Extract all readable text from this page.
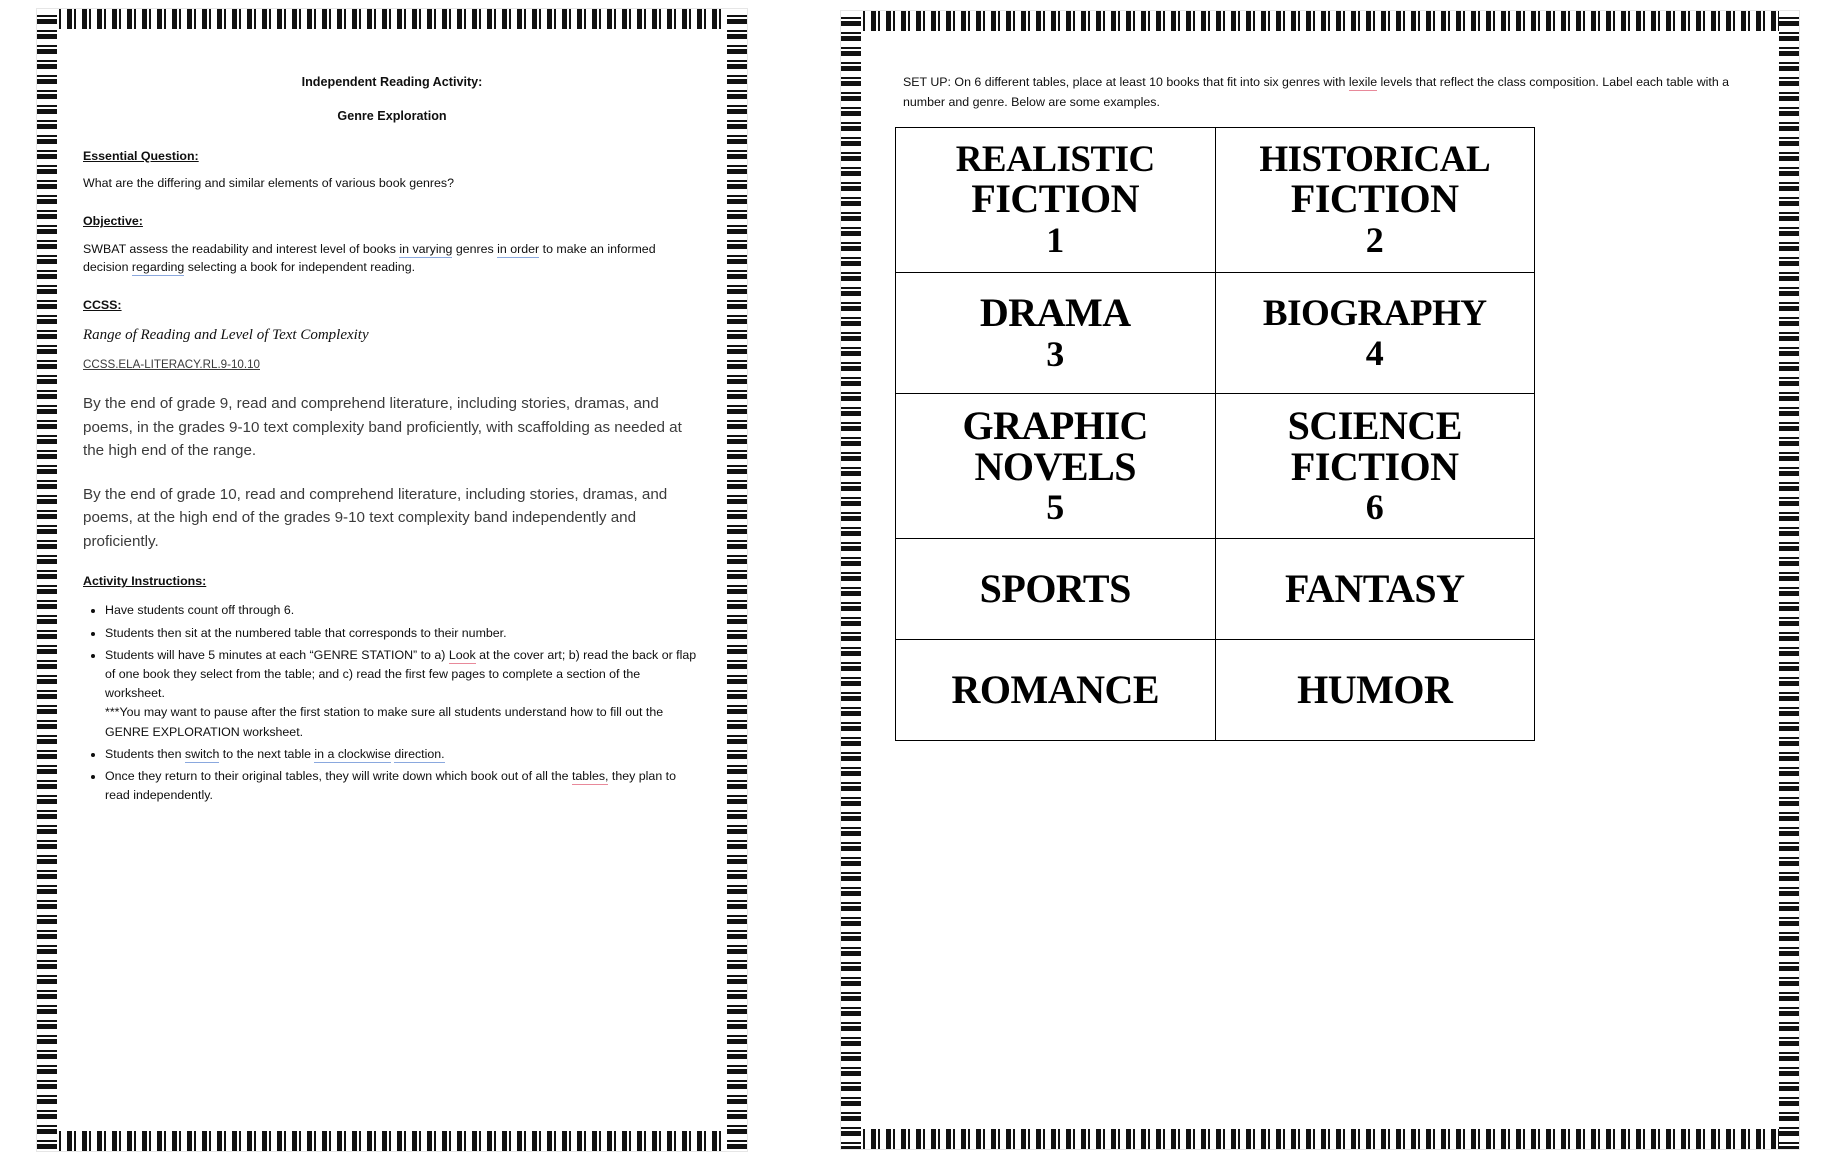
Independent Reading Activity:
Genre Exploration

Essential Question:

What are the differing and similar elements of various book genres?

Objective:

SWBAT assess the readability and interest level of books in varying genres in order to make an informed decision regarding selecting a book for independent reading.

CCSS:

Range of Reading and Level of Text Complexity

CCSS.ELA-LITERACY.RL.9-10.10

By the end of grade 9, read and comprehend literature, including stories, dramas, and poems, in the grades 9-10 text complexity band proficiently, with scaffolding as needed at the high end of the range.

By the end of grade 10, read and comprehend literature, including stories, dramas, and poems, at the high end of the grades 9-10 text complexity band independently and proficiently.

Activity Instructions:

• Have students count off through 6.
• Students then sit at the numbered table that corresponds to their number.
• Students will have 5 minutes at each “GENRE STATION” to a) Look at the cover art; b) read the back or flap of one book they select from the table; and c) read the first few pages to complete a section of the worksheet.
***You may want to pause after the first station to make sure all students understand how to fill out the GENRE EXPLORATION worksheet.
• Students then switch to the next table in a clockwise direction.
• Once they return to their original tables, they will write down which book out of all the tables, they plan to read independently.
SET UP: On 6 different tables, place at least 10 books that fit into six genres with lexile levels that reflect the class composition. Label each table with a number and genre. Below are some examples.
REALISTIC
FICTION
1	HISTORICAL
FICTION
2

DRAMA
3	BIOGRAPHY
4

GRAPHIC
NOVELS
5	SCIENCE
FICTION
6

SPORTS	FANTASY

ROMANCE	HUMOR
